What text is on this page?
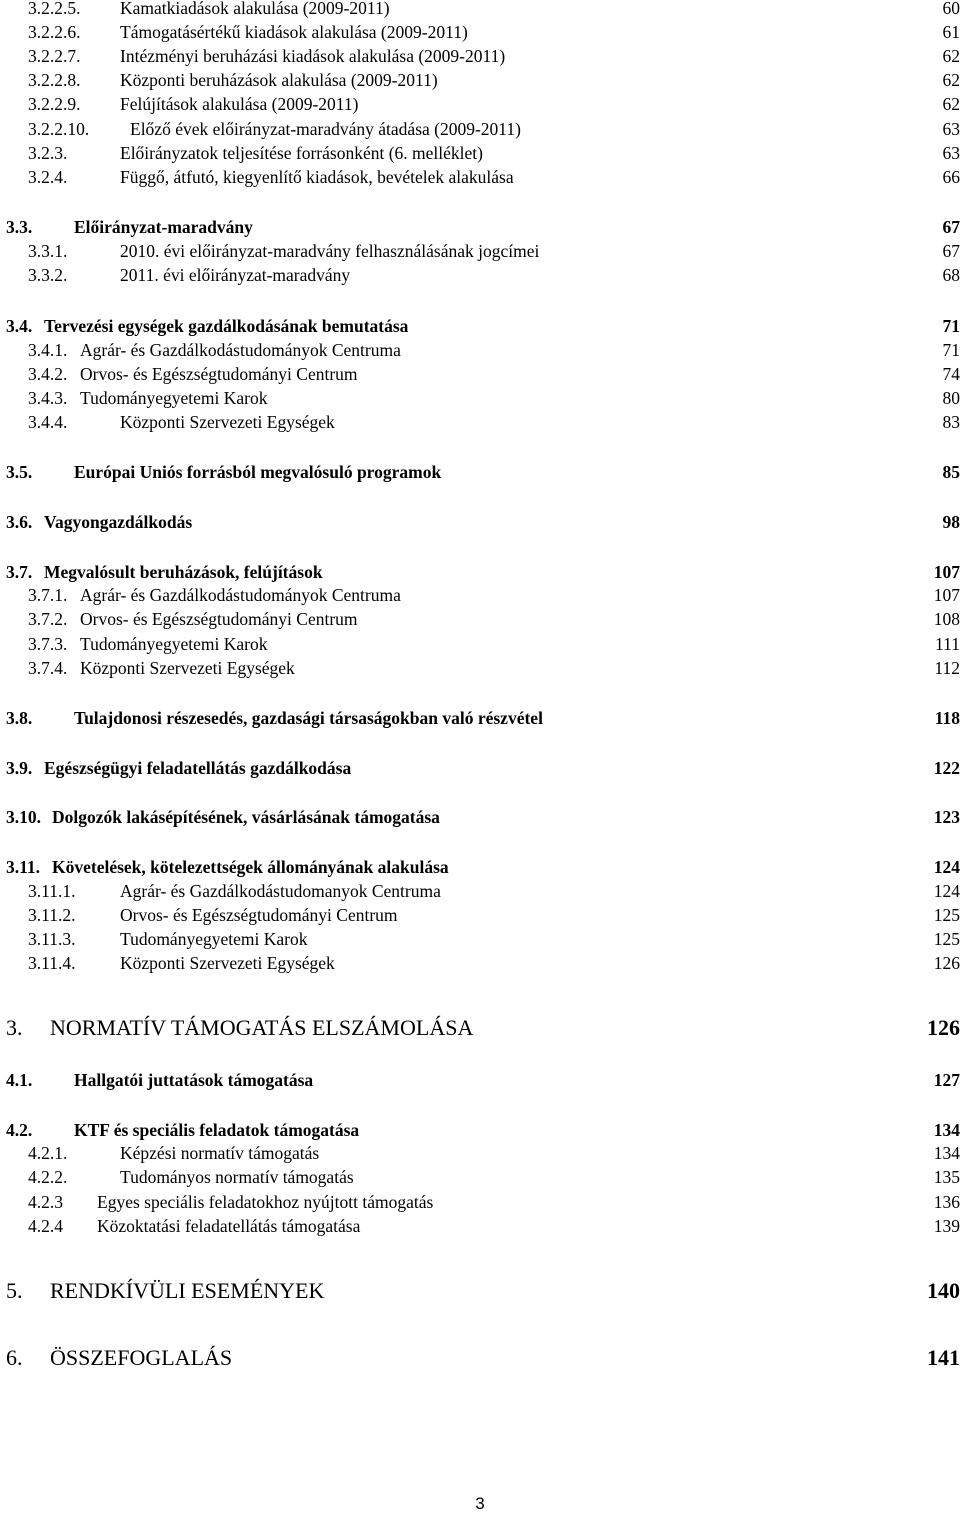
3.2.2.5. Kamatkiadások alakulása (2009-2011)	60
3.2.2.6. Támogatásértékű kiadások alakulása (2009-2011)	61
3.2.2.7. Intézményi beruházási kiadások alakulása (2009-2011)	62
3.2.2.8. Központi beruházások alakulása (2009-2011)	62
3.2.2.9. Felújítások alakulása (2009-2011)	62
3.2.2.10. Előző évek előirányzat-maradvány átadása (2009-2011)	63
3.2.3.	Előirányzatok teljesítése forrásonként (6. melléklet)	63
3.2.4.	Függő, átfutó, kiegyenlítő kiadások, bevételek alakulása	66
3.3. Előirányzat-maradvány	67
3.3.1.	2010. évi előirányzat-maradvány felhasználásának jogcímei	67
3.3.2.	2011. évi előirányzat-maradvány	68
3.4. Tervezési egységek gazdálkodásának bemutatása	71
3.4.1. Agrár- és Gazdálkodástudományok Centruma	71
3.4.2. Orvos- és Egészségtudományi Centrum	74
3.4.3. Tudományegyetemi Karok	80
3.4.4.	Központi Szervezeti Egységek	83
3.5. Európai Uniós forrásból megvalósuló programok	85
3.6. Vagyongazdálkodás	98
3.7. Megvalósult beruházások, felújítások	107
3.7.1. Agrár- és Gazdálkodástudományok Centruma	107
3.7.2. Orvos- és Egészségtudományi Centrum	108
3.7.3. Tudományegyetemi Karok	111
3.7.4. Központi Szervezeti Egységek	112
3.8. Tulajdonosi részesedés, gazdasági társaságokban való részvétel	118
3.9. Egészségügyi feladatellátás gazdálkodása	122
3.10. Dolgozók lakásépítésének, vásárlásának támogatása	123
3.11. Követelések, kötelezettségek állományának alakulása	124
3.11.1.	Agrár- és Gazdálkodástudomanyok Centruma	124
3.11.2.	Orvos- és Egészségtudományi Centrum	125
3.11.3.	Tudományegyetemi Karok	125
3.11.4.	Központi Szervezeti Egységek	126
3. NORMATÍV TÁMOGATÁS ELSZÁMOLÁSA	126
4.1. Hallgatói juttatások támogatása	127
4.2. KTF és speciális feladatok támogatása	134
4.2.1.	Képzési normatív támogatás	134
4.2.2.	Tudományos normatív támogatás	135
4.2.3 Egyes speciális feladatokhoz nyújtott támogatás	136
4.2.4 Közoktatási feladatellátás támogatása	139
5. RENDKÍVÜLI ESEMÉNYEK	140
6. ÖSSZEFOGLALÁS	141
3
